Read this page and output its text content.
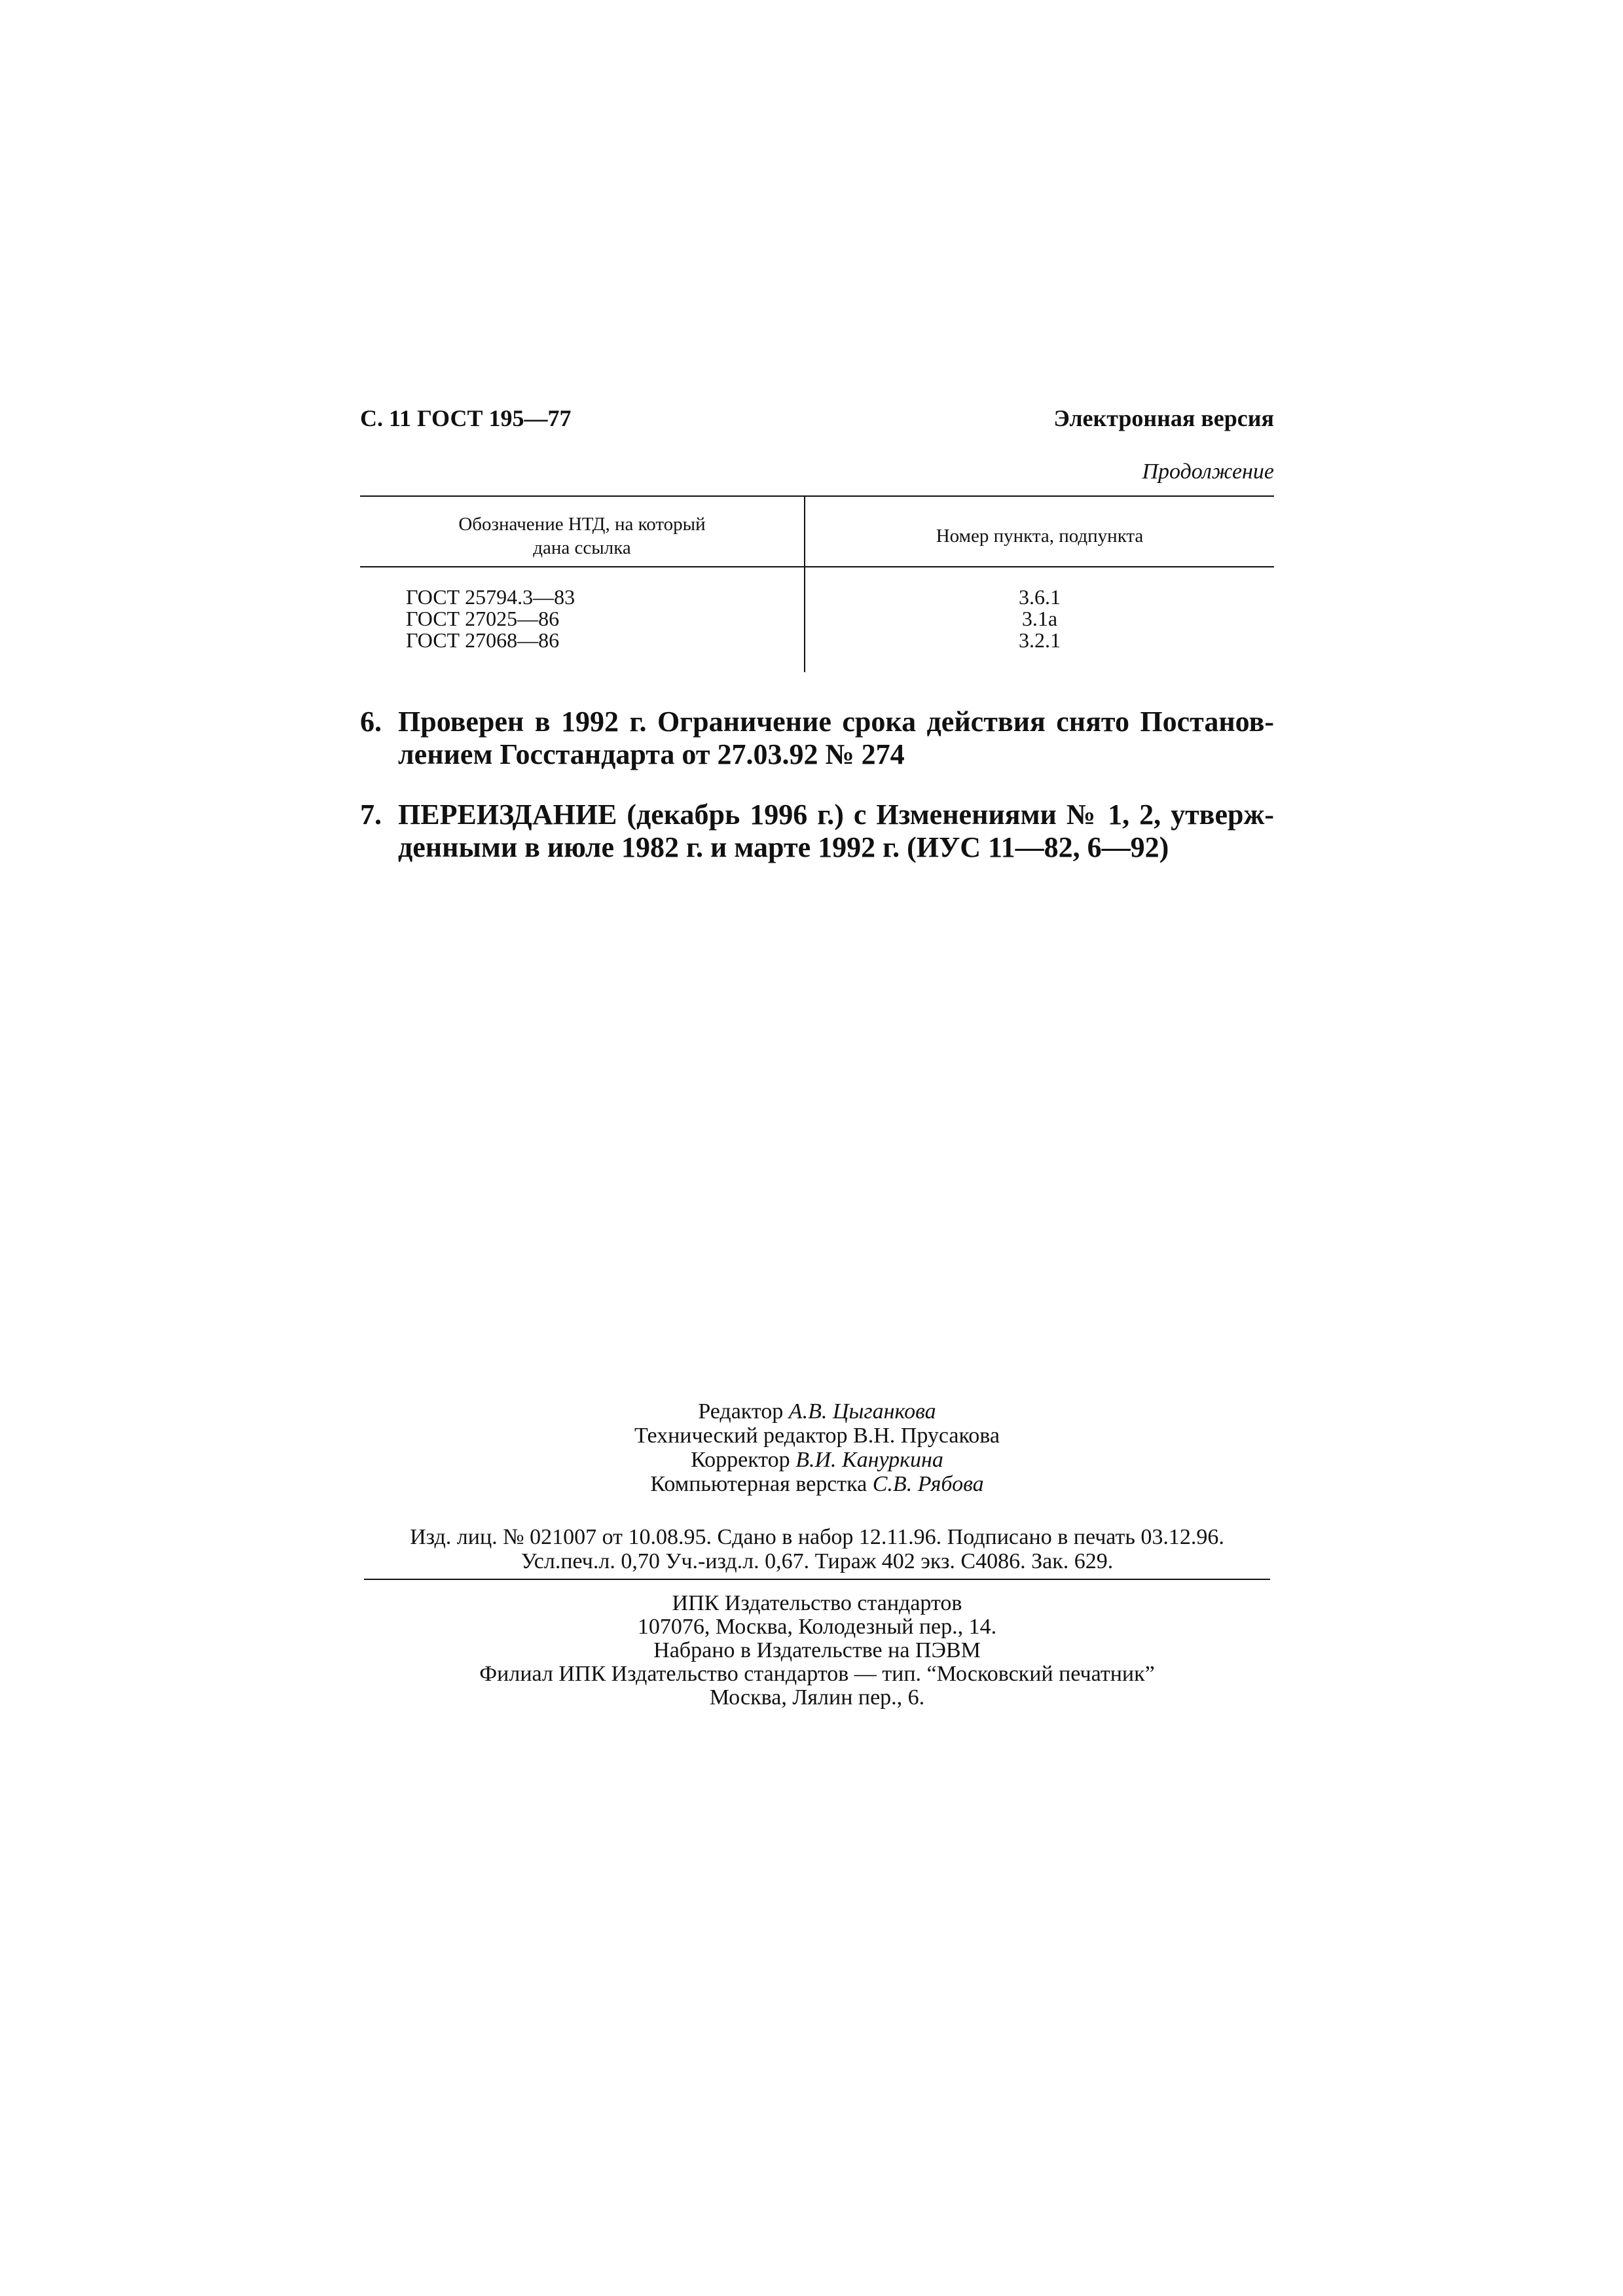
С. 11 ГОСТ 195—77	Электронная версия
Продолжение
Обозначение НТД, на который
дана ссылка
Номер пункта, подпункта
ГОСТ 25794.3—83
ГОСТ 27025—86
ГОСТ 27068—86
3.6.1
3.1а
3.2.1
6. Проверен в 1992 г. Ограничение срока действия снято Постанов-
лением Госстандарта от 27.03.92 № 274
7. ПЕРЕИЗДАНИЕ (декабрь 1996 г.) с Изменениями № 1, 2, утверж-
денными в июле 1982 г. и марте 1992 г. (ИУС 11—82, 6—92)
Редактор А.В. Цыганкова
Технический редактор В.Н. Прусакова
Корректор В.И. Кануркина
Компьютерная верстка С.В. Рябова
Изд. лиц. № 021007 от 10.08.95. Сдано в набор 12.11.96. Подписано в печать 03.12.96.
Усл.печ.л. 0,70 Уч.-изд.л. 0,67. Тираж 402 экз. С4086. Зак. 629.
ИПК Издательство стандартов
107076, Москва, Колодезный пер., 14.
Набрано в Издательстве на ПЭВМ
Филиал ИПК Издательство стандартов — тип. “Московский печатник”
Москва, Лялин пер., 6.
